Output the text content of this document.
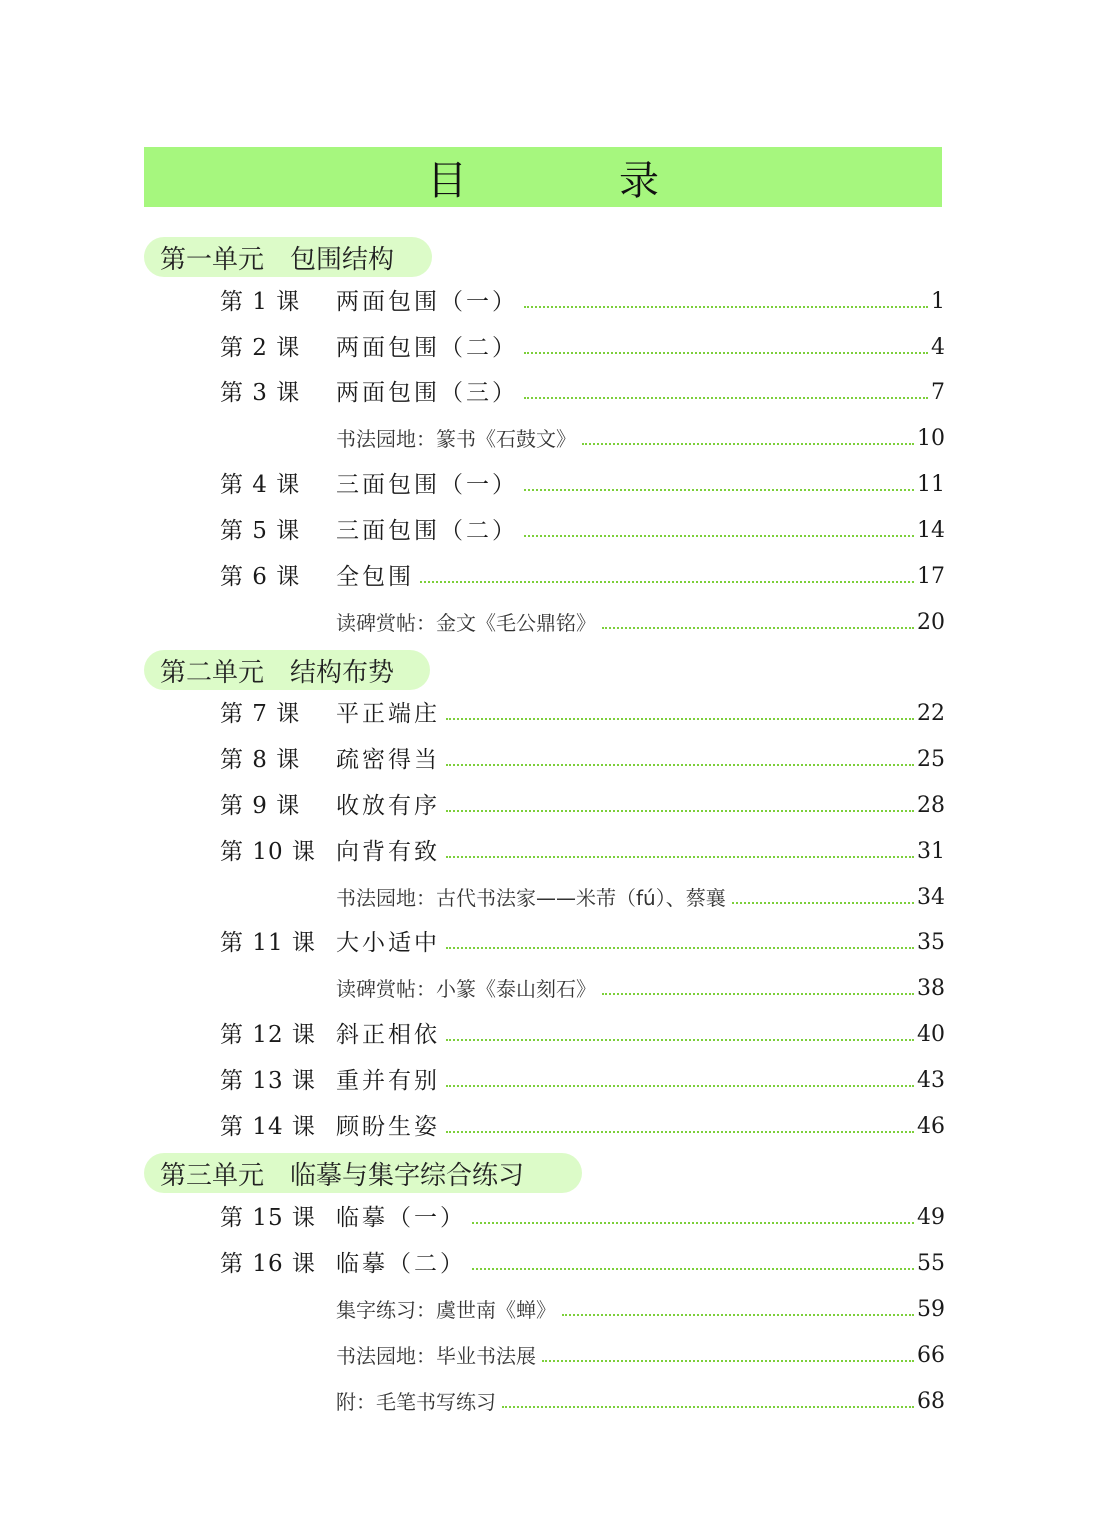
目　录
第一单元 包围结构
第二单元 结构布势
第三单元 临摹与集字综合练习
第 1 课 两面包围（一）	1
第 2 课 两面包围（二）	4
第 3 课 两面包围（三）	7
书法园地：篆书《石鼓文》	10
第 4 课 三面包围（一）	11
第 5 课 三面包围（二）	14
第 6 课 全包围	17
读碑赏帖：金文《毛公鼎铭》	20
第 7 课 平正端庄	22
第 8 课 疏密得当	25
第 9 课 收放有序	28
第 10 课 向背有致	31
书法园地：古代书法家——米芾（fú）、蔡襄	34
第 11 课 大小适中	35
读碑赏帖：小篆《泰山刻石》	38
第 12 课 斜正相依	40
第 13 课 重并有别	43
第 14 课 顾盼生姿	46
第 15 课 临摹（一）	49
第 16 课 临摹（二）	55
集字练习：虞世南《蝉》	59
书法园地：毕业书法展	66
附：毛笔书写练习	68
